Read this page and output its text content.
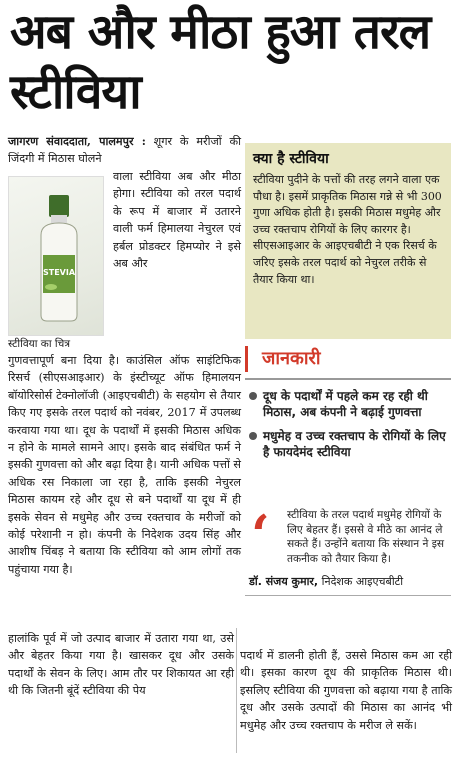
अब और मीठा हुआ तरल स्टीविया
जागरण संवाददाता, पालमपुर : शूगर के मरीजों की जिंदगी में मिठास घोलने
STEVIA
स्टीविया का चित्र
वाला स्टीविया अब और मीठा होगा। स्टीविया को तरल पदार्थ के रूप में बाजार में उतारने वाली फर्म हिमालया नेचुरल एवं हर्बल प्रोडक्टर हिमप्योर ने इसे अब और
गुणवत्तापूर्ण बना दिया है। काउंसिल ऑफ साइंटिफिक रिसर्च (सीएसआइआर) के इंस्टीच्यूट ऑफ हिमालयन बॉयोरिसोर्स टेक्नोलॉजी (आइएचबीटी) के सहयोग से तैयार किए गए इसके तरल पदार्थ को नवंबर, 2017 में उपलब्ध करवाया गया था। दूध के पदार्थों में इसकी मिठास अधिक न होने के मामले सामने आए। इसके बाद संबंधित फर्म ने इसकी गुणवत्ता को और बढ़ा दिया है। यानी अधिक पत्तों से अधिक रस निकाला जा रहा है, ताकि इसकी नेचुरल मिठास कायम रहे और दूध से बने पदार्थों या दूध में ही इसके सेवन से मधुमेह और उच्च रक्तचाव के मरीजों को कोई परेशानी न हो। कंपनी के निदेशक उदय सिंह और आशीष चिंबड़ ने बताया कि स्टीविया को आम लोगों तक पहुंचाया गया है।
क्या है स्टीविया
स्टीविया पुदीने के पत्तों की तरह लगने वाला एक पौधा है। इसमें प्राकृतिक मिठास गन्ने से भी 300 गुणा अधिक होती है। इसकी मिठास मधुमेह और उच्च रक्तचाप रोगियों के लिए कारगर है। सीएसआइआर के आइएचबीटी ने एक रिसर्च के जरिए इसके तरल पदार्थ को नेचुरल तरीके से तैयार किया था।
जानकारी
दूध के पदार्थों में पहले कम रह रही थी मिठास, अब कंपनी ने बढ़ाई गुणवत्ता
मधुमेह व उच्च रक्तचाप के रोगियों के लिए है फायदेमंद स्टीविया
‘ स्टीविया के तरल पदार्थ मधुमेह रोगियों के लिए बेहतर हैं। इससे वे मीठे का आनंद ले सकते हैं। उन्होंने बताया कि संस्थान ने इस तकनीक को तैयार किया है।
डॉ. संजय कुमार, निदेशक आइएचबीटी
हालांकि पूर्व में जो उत्पाद बाजार में उतारा गया था, उसे और बेहतर किया गया है। खासकर दूध और उसके पदार्थों के सेवन के लिए। आम तौर पर शिकायत आ रही थी कि जितनी बूंदें स्टीविया की पेय
पदार्थ में डालनी होती हैं, उससे मिठास कम आ रही थी। इसका कारण दूध की प्राकृतिक मिठास थी। इसलिए स्टीविया की गुणवत्ता को बढ़ाया गया है ताकि दूध और उसके उत्पादों की मिठास का आनंद भी मधुमेह और उच्च रक्तचाप के मरीज ले सकें।
